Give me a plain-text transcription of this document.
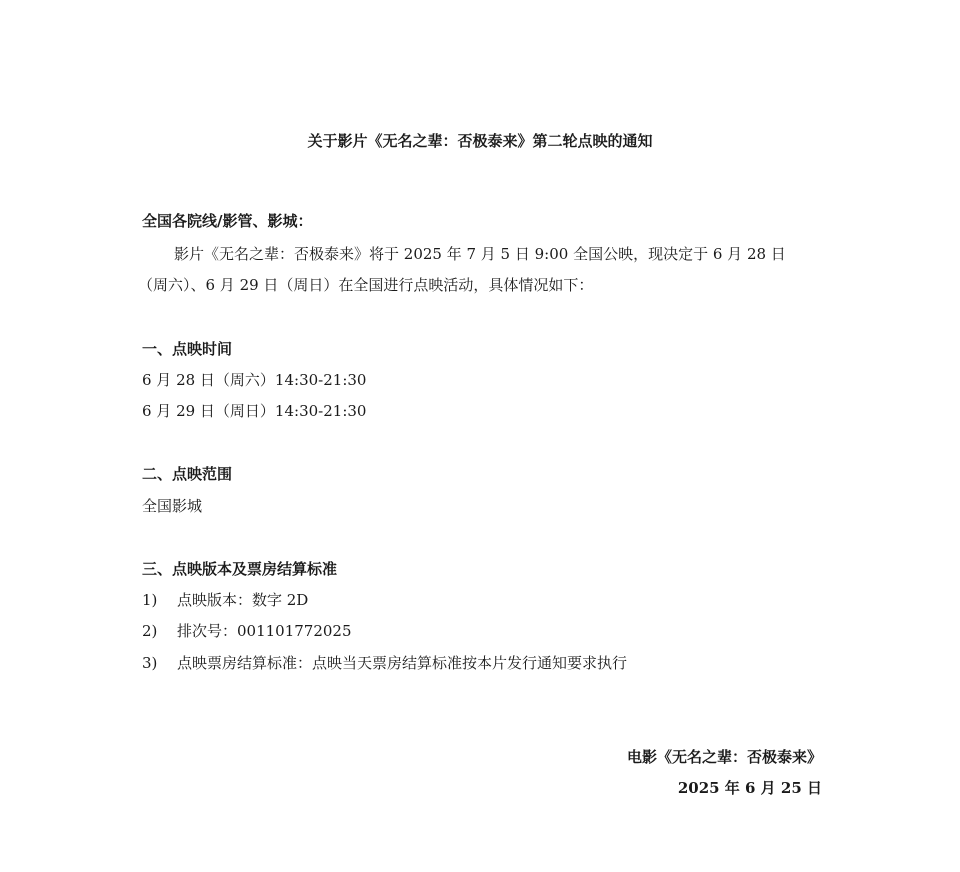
关于影片《无名之辈：否极泰来》第二轮点映的通知
全国各院线/影管、影城：
影片《无名之辈：否极泰来》将于 2025 年 7 月 5 日 9:00 全国公映，现决定于 6 月 28 日
（周六）、6 月 29 日（周日）在全国进行点映活动，具体情况如下：
一、点映时间
6 月 28 日（周六）14:30-21:30
6 月 29 日（周日）14:30-21:30
二、点映范围
全国影城
三、点映版本及票房结算标准
1) 点映版本：数字 2D
2) 排次号：001101772025
3) 点映票房结算标准：点映当天票房结算标准按本片发行通知要求执行
电影《无名之辈：否极泰来》
2025 年 6 月 25 日
